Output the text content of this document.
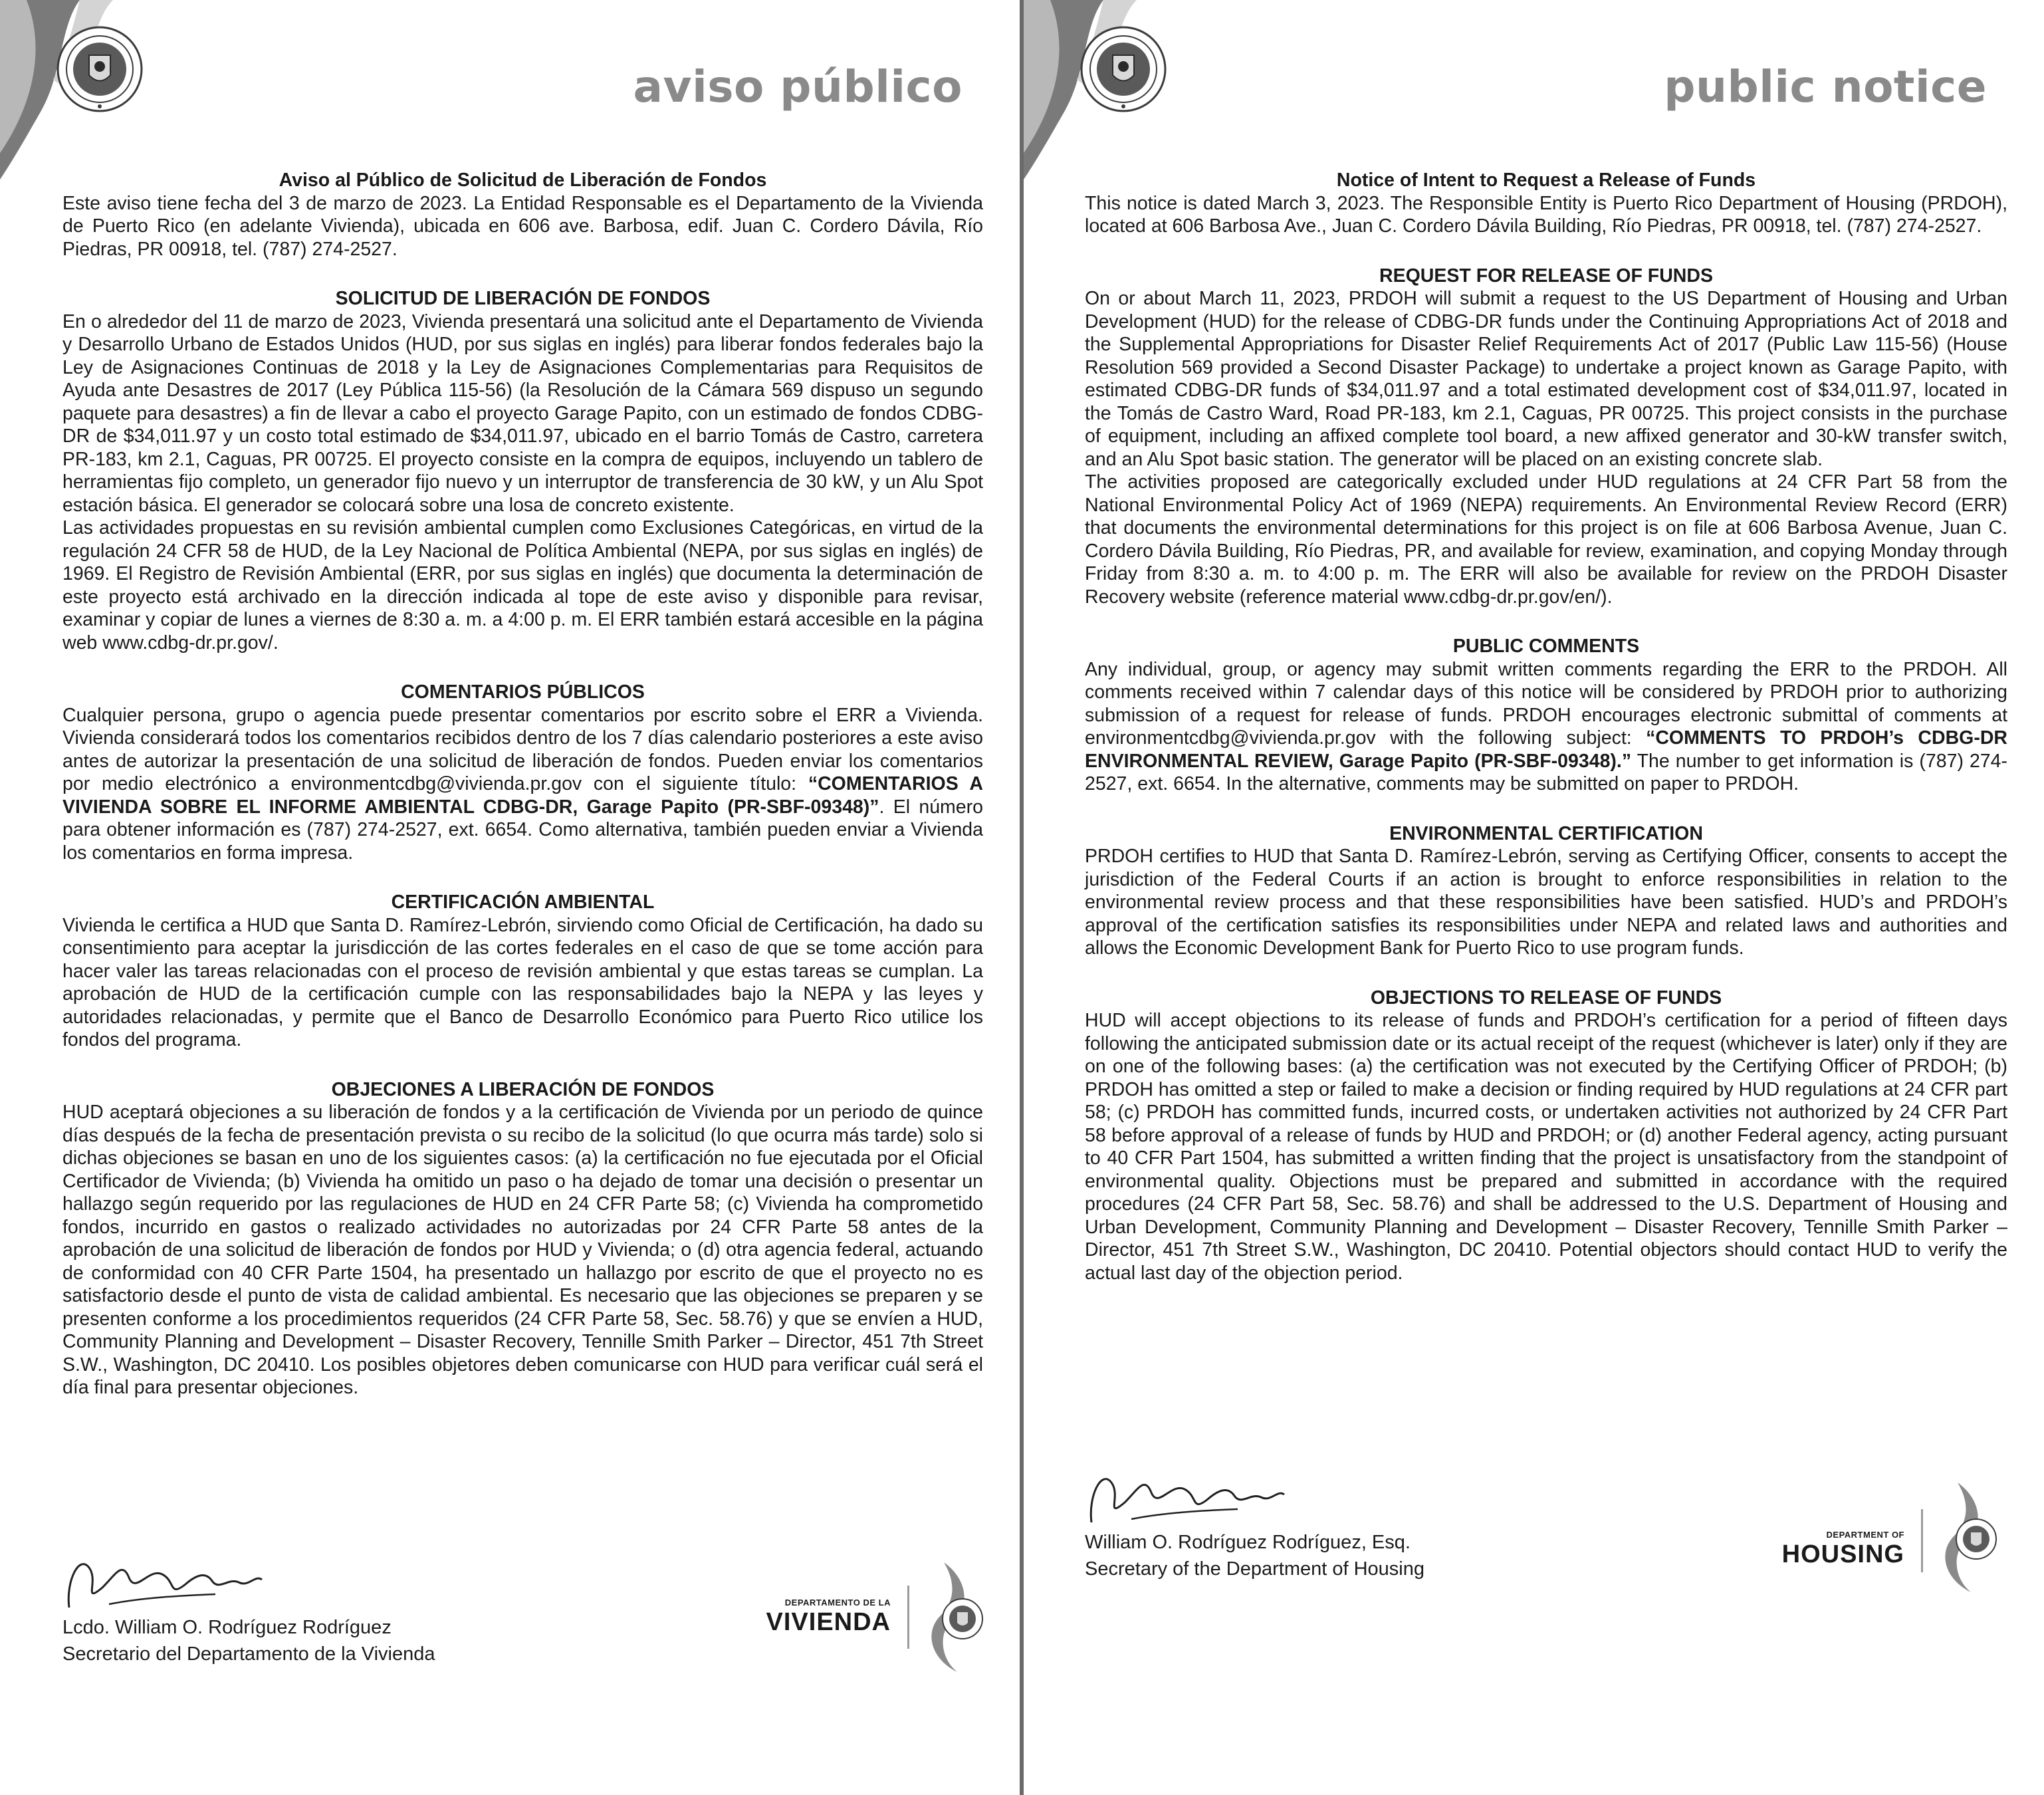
aviso público

Aviso al Público de Solicitud de Liberación de Fondos

Este aviso tiene fecha del 3 de marzo de 2023. La Entidad Responsable es el Departamento de la Vivienda de Puerto Rico (en adelante Vivienda), ubicada en 606 ave. Barbosa, edif. Juan C. Cordero Dávila, Río Piedras, PR 00918, tel. (787) 274-2527.

SOLICITUD DE LIBERACIÓN DE FONDOS

En o alrededor del 11 de marzo de 2023, Vivienda presentará una solicitud ante el Departamento de Vivienda y Desarrollo Urbano de Estados Unidos (HUD, por sus siglas en inglés) para liberar fondos federales bajo la Ley de Asignaciones Continuas de 2018 y la Ley de Asignaciones Complementarias para Requisitos de Ayuda ante Desastres de 2017 (Ley Pública 115-56) (la Resolución de la Cámara 569 dispuso un segundo paquete para desastres) a fin de llevar a cabo el proyecto Garage Papito, con un estimado de fondos CDBG-DR de $34,011.97 y un costo total estimado de $34,011.97, ubicado en el barrio Tomás de Castro, carretera PR-183, km 2.1, Caguas, PR 00725. El proyecto consiste en la compra de equipos, incluyendo un tablero de herramientas fijo completo, un generador fijo nuevo y un interruptor de transferencia de 30 kW, y un Alu Spot estación básica. El generador se colocará sobre una losa de concreto existente.

Las actividades propuestas en su revisión ambiental cumplen como Exclusiones Categóricas, en virtud de la regulación 24 CFR 58 de HUD, de la Ley Nacional de Política Ambiental (NEPA, por sus siglas en inglés) de 1969. El Registro de Revisión Ambiental (ERR, por sus siglas en inglés) que documenta la determinación de este proyecto está archivado en la dirección indicada al tope de este aviso y disponible para revisar, examinar y copiar de lunes a viernes de 8:30 a. m. a 4:00 p. m. El ERR también estará accesible en la página web www.cdbg-dr.pr.gov/.

COMENTARIOS PÚBLICOS

Cualquier persona, grupo o agencia puede presentar comentarios por escrito sobre el ERR a Vivienda. Vivienda considerará todos los comentarios recibidos dentro de los 7 días calendario posteriores a este aviso antes de autorizar la presentación de una solicitud de liberación de fondos. Pueden enviar los comentarios por medio electrónico a environmentcdbg@vivienda.pr.gov con el siguiente título: “COMENTARIOS A VIVIENDA SOBRE EL INFORME AMBIENTAL CDBG-DR, Garage Papito (PR-SBF-09348)”. El número para obtener información es (787) 274-2527, ext. 6654. Como alternativa, también pueden enviar a Vivienda los comentarios en forma impresa.

CERTIFICACIÓN AMBIENTAL

Vivienda le certifica a HUD que Santa D. Ramírez-Lebrón, sirviendo como Oficial de Certificación, ha dado su consentimiento para aceptar la jurisdicción de las cortes federales en el caso de que se tome acción para hacer valer las tareas relacionadas con el proceso de revisión ambiental y que estas tareas se cumplan. La aprobación de HUD de la certificación cumple con las responsabilidades bajo la NEPA y las leyes y autoridades relacionadas, y permite que el Banco de Desarrollo Económico para Puerto Rico utilice los fondos del programa.

OBJECIONES A LIBERACIÓN DE FONDOS

HUD aceptará objeciones a su liberación de fondos y a la certificación de Vivienda por un periodo de quince días después de la fecha de presentación prevista o su recibo de la solicitud (lo que ocurra más tarde) solo si dichas objeciones se basan en uno de los siguientes casos: (a) la certificación no fue ejecutada por el Oficial Certificador de Vivienda; (b) Vivienda ha omitido un paso o ha dejado de tomar una decisión o presentar un hallazgo según requerido por las regulaciones de HUD en 24 CFR Parte 58; (c) Vivienda ha comprometido fondos, incurrido en gastos o realizado actividades no autorizadas por 24 CFR Parte 58 antes de la aprobación de una solicitud de liberación de fondos por HUD y Vivienda; o (d) otra agencia federal, actuando de conformidad con 40 CFR Parte 1504, ha presentado un hallazgo por escrito de que el proyecto no es satisfactorio desde el punto de vista de calidad ambiental. Es necesario que las objeciones se preparen y se presenten conforme a los procedimientos requeridos (24 CFR Parte 58, Sec. 58.76) y que se envíen a HUD, Community Planning and Development – Disaster Recovery, Tennille Smith Parker – Director, 451 7th Street S.W., Washington, DC 20410. Los posibles objetores deben comunicarse con HUD para verificar cuál será el día final para presentar objeciones.

Lcdo. William O. Rodríguez Rodríguez

Secretario del Departamento de la Vivienda

DEPARTAMENTO DE LA
VIVIENDA
public notice

Notice of Intent to Request a Release of Funds

This notice is dated March 3, 2023. The Responsible Entity is Puerto Rico Department of Housing (PRDOH), located at 606 Barbosa Ave., Juan C. Cordero Dávila Building, Río Piedras, PR 00918, tel. (787) 274-2527.

REQUEST FOR RELEASE OF FUNDS

On or about March 11, 2023, PRDOH will submit a request to the US Department of Housing and Urban Development (HUD) for the release of CDBG-DR funds under the Continuing Appropriations Act of 2018 and the Supplemental Appropriations for Disaster Relief Requirements Act of 2017 (Public Law 115-56) (House Resolution 569 provided a Second Disaster Package) to undertake a project known as Garage Papito, with estimated CDBG-DR funds of $34,011.97 and a total estimated development cost of $34,011.97, located in the Tomás de Castro Ward, Road PR-183, km 2.1, Caguas, PR 00725. This project consists in the purchase of equipment, including an affixed complete tool board, a new affixed generator and 30-kW transfer switch, and an Alu Spot basic station. The generator will be placed on an existing concrete slab.

The activities proposed are categorically excluded under HUD regulations at 24 CFR Part 58 from the National Environmental Policy Act of 1969 (NEPA) requirements. An Environmental Review Record (ERR) that documents the environmental determinations for this project is on file at 606 Barbosa Avenue, Juan C. Cordero Dávila Building, Río Piedras, PR, and available for review, examination, and copying Monday through Friday from 8:30 a. m. to 4:00 p. m. The ERR will also be available for review on the PRDOH Disaster Recovery website (reference material www.cdbg-dr.pr.gov/en/).

PUBLIC COMMENTS

Any individual, group, or agency may submit written comments regarding the ERR to the PRDOH. All comments received within 7 calendar days of this notice will be considered by PRDOH prior to authorizing submission of a request for release of funds. PRDOH encourages electronic submittal of comments at environmentcdbg@vivienda.pr.gov with the following subject: “COMMENTS TO PRDOH’s CDBG-DR ENVIRONMENTAL REVIEW, Garage Papito (PR-SBF-09348).” The number to get information is (787) 274-2527, ext. 6654. In the alternative, comments may be submitted on paper to PRDOH.

ENVIRONMENTAL CERTIFICATION

PRDOH certifies to HUD that Santa D. Ramírez-Lebrón, serving as Certifying Officer, consents to accept the jurisdiction of the Federal Courts if an action is brought to enforce responsibilities in relation to the environmental review process and that these responsibilities have been satisfied. HUD’s and PRDOH’s approval of the certification satisfies its responsibilities under NEPA and related laws and authorities and allows the Economic Development Bank for Puerto Rico to use program funds.

OBJECTIONS TO RELEASE OF FUNDS

HUD will accept objections to its release of funds and PRDOH’s certification for a period of fifteen days following the anticipated submission date or its actual receipt of the request (whichever is later) only if they are on one of the following bases: (a) the certification was not executed by the Certifying Officer of PRDOH; (b) PRDOH has omitted a step or failed to make a decision or finding required by HUD regulations at 24 CFR part 58; (c) PRDOH has committed funds, incurred costs, or undertaken activities not authorized by 24 CFR Part 58 before approval of a release of funds by HUD and PRDOH; or (d) another Federal agency, acting pursuant to 40 CFR Part 1504, has submitted a written finding that the project is unsatisfactory from the standpoint of environmental quality. Objections must be prepared and submitted in accordance with the required procedures (24 CFR Part 58, Sec. 58.76) and shall be addressed to the U.S. Department of Housing and Urban Development, Community Planning and Development – Disaster Recovery, Tennille Smith Parker – Director, 451 7th Street S.W., Washington, DC 20410. Potential objectors should contact HUD to verify the actual last day of the objection period.

William O. Rodríguez Rodríguez, Esq.

Secretary of the Department of Housing

DEPARTMENT OF
HOUSING
